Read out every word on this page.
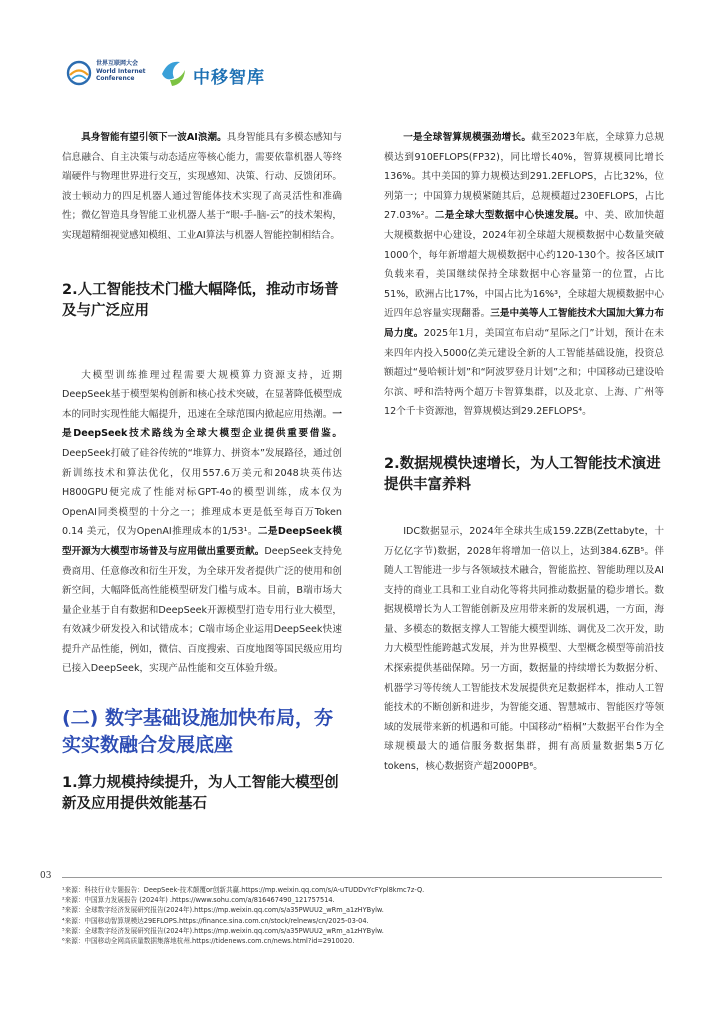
世界互联网大会
World Internet
Conference	中移智库

具身智能有望引领下一波AI浪潮。具身智能具有多模态感知与信息融合、自主决策与动态适应等核心能力，需要依靠机器人等终端硬件与物理世界进行交互，实现感知、决策、行动、反馈闭环。波士顿动力的四足机器人通过智能体技术实现了高灵活性和准确性；微亿智造具身智能工业机器人基于“眼-手-脑-云”的技术架构，实现超精细视觉感知模组、工业AI算法与机器人智能控制相结合。

2.人工智能技术门槛大幅降低，推动市场普及与广泛应用

大模型训练推理过程需要大规模算力资源支持，近期DeepSeek基于模型架构创新和核心技术突破，在显著降低模型成本的同时实现性能大幅提升，迅速在全球范围内掀起应用热潮。一是DeepSeek技术路线为全球大模型企业提供重要借鉴。DeepSeek打破了硅谷传统的“堆算力、拼资本”发展路径，通过创新训练技术和算法优化，仅用557.6万美元和2048块英伟达H800GPU便完成了性能对标GPT-4o的模型训练，成本仅为OpenAI同类模型的十分之一；推理成本更是低至每百万Token 0.14 美元，仅为OpenAI推理成本的1/53¹。二是DeepSeek模型开源为大模型市场普及与应用做出重要贡献。DeepSeek支持免费商用、任意修改和衍生开发，为全球开发者提供广泛的使用和创新空间，大幅降低高性能模型研发门槛与成本。目前，B端市场大量企业基于自有数据和DeepSeek开源模型打造专用行业大模型，有效减少研发投入和试错成本；C端市场企业运用DeepSeek快速提升产品性能，例如，微信、百度搜索、百度地图等国民级应用均已接入DeepSeek，实现产品性能和交互体验升级。

(二) 数字基础设施加快布局，夯实实数融合发展底座
1.算力规模持续提升，为人工智能大模型创新及应用提供效能基石

一是全球智算规模强劲增长。截至2023年底，全球算力总规模达到910EFLOPS(FP32)，同比增长40%，智算规模同比增长136%。其中美国的算力规模达到291.2EFLOPS，占比32%，位列第一；中国算力规模紧随其后，总规模超过230EFLOPS，占比27.03%²。二是全球大型数据中心快速发展。中、美、欧加快超大规模数据中心建设，2024年初全球超大规模数据中心数量突破1000个，每年新增超大规模数据中心约120-130个。按各区域IT负载来看，美国继续保持全球数据中心容量第一的位置，占比51%，欧洲占比17%，中国占比为16%³，全球超大规模数据中心近四年总容量实现翻番。三是中美等人工智能技术大国加大算力布局力度。2025年1月，美国宣布启动“星际之门”计划，预计在未来四年内投入5000亿美元建设全新的人工智能基础设施，投资总额超过“曼哈顿计划”和“阿波罗登月计划”之和；中国移动已建设哈尔滨、呼和浩特两个超万卡智算集群，以及北京、上海、广州等12个千卡资源池，智算规模达到29.2EFLOPS⁴。

2.数据规模快速增长，为人工智能技术演进提供丰富养料

IDC数据显示，2024年全球共生成159.2ZB(Zettabyte，十万亿亿字节)数据，2028年将增加一倍以上，达到384.6ZB⁵。伴随人工智能进一步与各领域技术融合，智能监控、智能助理以及AI支持的商业工具和工业自动化等将共同推动数据量的稳步增长。数据规模增长为人工智能创新及应用带来新的发展机遇，一方面，海量、多模态的数据支撑人工智能大模型训练、调优及二次开发，助力大模型性能跨越式发展，并为世界模型、大型概念模型等前沿技术探索提供基础保障。另一方面，数据量的持续增长为数据分析、机器学习等传统人工智能技术发展提供充足数据样本，推动人工智能技术的不断创新和进步，为智能交通、智慧城市、智能医疗等领域的发展带来新的机遇和可能。中国移动“梧桐”大数据平台作为全球规模最大的通信服务数据集群，拥有高质量数据集5万亿tokens，核心数据资产超2000PB⁶。

03

¹来源：科技行业专题报告：DeepSeek-技术颠覆or创新共赢.https://mp.weixin.qq.com/s/A-uTUDDvYcFYpl8kmc7z-Q.

²来源：中国算力发展报告 (2024年) .https://www.sohu.com/a/816467490_121757514.

³来源：全球数字经济发展研究报告(2024年).https://mp.weixin.qq.com/s/a35PWUU2_wRm_a1zHYBylw.

⁴来源：中国移动智算规模达29EFLOPS.https://finance.sina.com.cn/stock/relnews/cn/2025-03-04.

⁵来源：全球数字经济发展研究报告(2024年).https://mp.weixin.qq.com/s/a35PWUU2_wRm_a1zHYBylw.

⁶来源：中国移动全网高质量数据集落地杭州.https://tidenews.com.cn/news.html?id=2910020.
